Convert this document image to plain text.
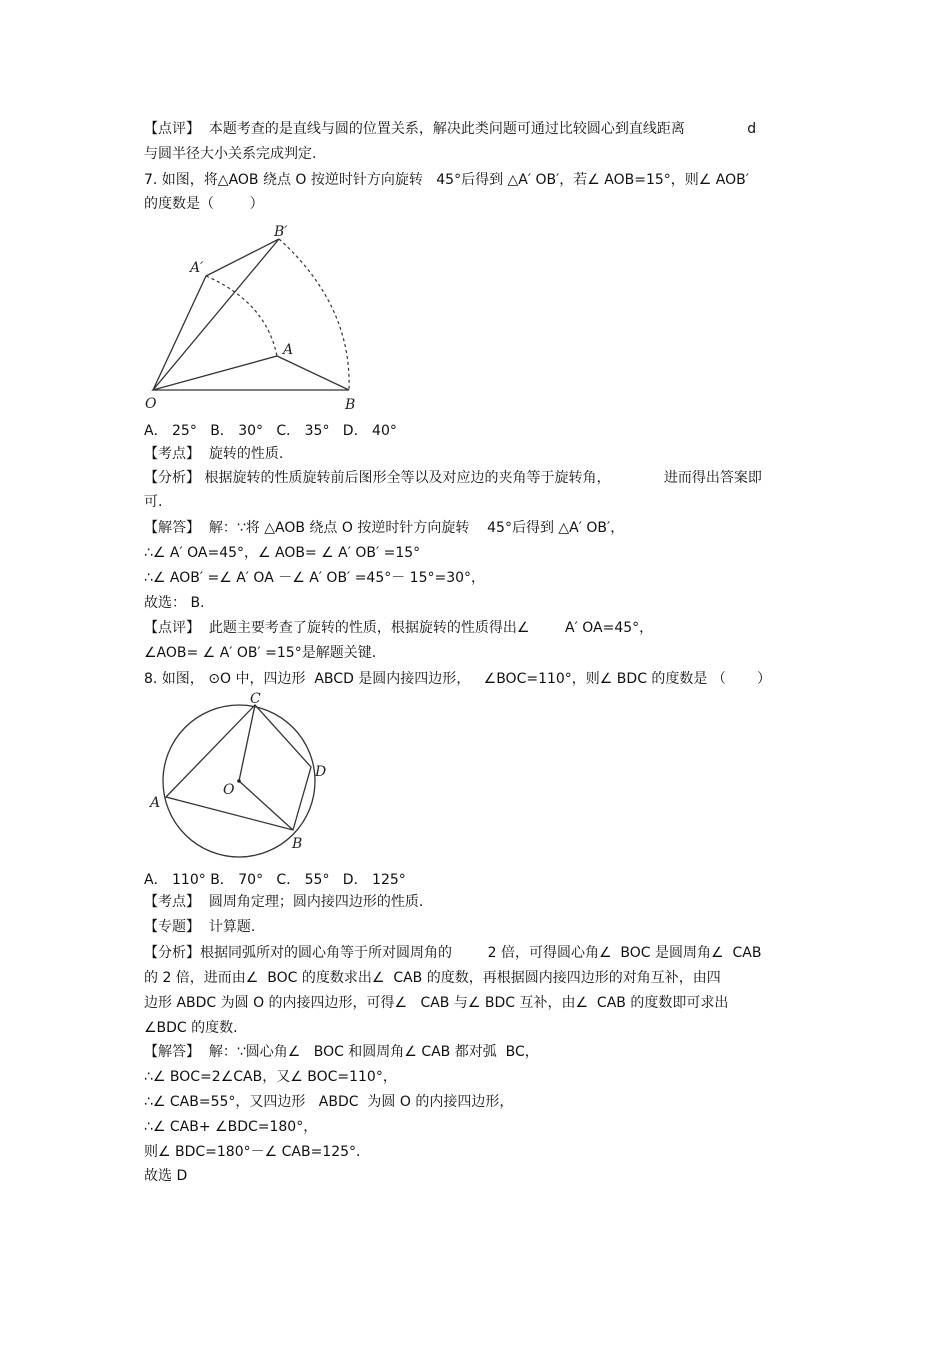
【点评】  本题考查的是直线与圆的位置关系，解决此类问题可通过比较圆心到直线距离              d
与圆半径大小关系完成判定.
7. 如图，将△AOB 绕点 O 按逆时针方向旋转   45°后得到 △A′ OB′，若∠ AOB=15°，则∠ AOB′
的度数是（        ）
O
A
B
A′
B′
A． 25°   B． 30°   C． 35°   D． 40°
【考点】  旋转的性质.
【分析】 根据旋转的性质旋转前后图形全等以及对应边的夹角等于旋转角，            进而得出答案即
可.
【解答】  解：∵将 △AOB 绕点 O 按逆时针方向旋转    45°后得到 △A′ OB′，
∴∠ A′ OA=45°，∠ AOB= ∠ A′ OB′ =15°
∴∠ AOB′ =∠ A′ OA －∠ A′ OB′ =45°－ 15°=30°，
故选： B.
【点评】  此题主要考查了旋转的性质，根据旋转的性质得出∠        A′ OA=45°，
∠AOB= ∠ A′ OB′ =15°是解题关键.
8. 如图， ⊙O 中，四边形  ABCD 是圆内接四边形，   ∠BOC=110°，则∠ BDC 的度数是 （       ）
O
A
B
C
D
A． 110° B． 70°   C． 55°   D． 125°
【考点】  圆周角定理；圆内接四边形的性质.
【专题】  计算题.
【分析】根据同弧所对的圆心角等于所对圆周角的        2 倍，可得圆心角∠  BOC 是圆周角∠  CAB
的 2 倍，进而由∠  BOC 的度数求出∠  CAB 的度数，再根据圆内接四边形的对角互补，由四
边形 ABDC 为圆 O 的内接四边形，可得∠   CAB 与∠ BDC 互补，由∠  CAB 的度数即可求出
∠BDC 的度数.
【解答】  解：∵圆心角∠   BOC 和圆周角∠ CAB 都对弧  BC，
∴∠ BOC=2∠CAB，又∠ BOC=110°，
∴∠ CAB=55°，又四边形   ABDC  为圆 O 的内接四边形，
∴∠ CAB+ ∠BDC=180°，
则∠ BDC=180°－∠ CAB=125°．
故选 D
